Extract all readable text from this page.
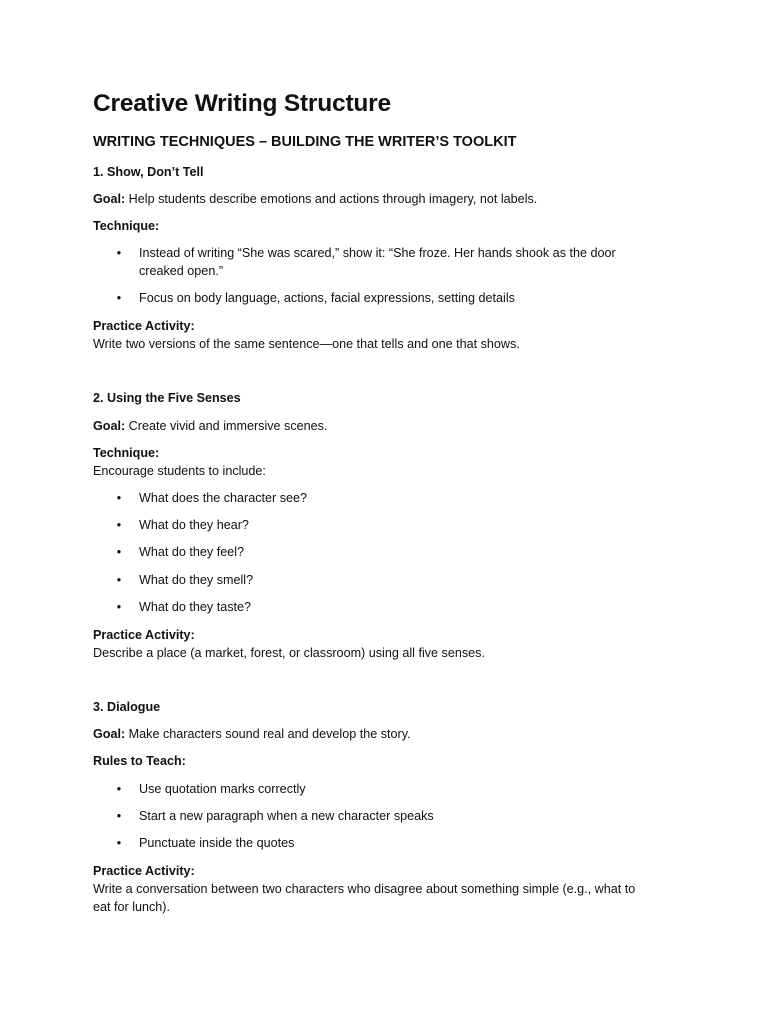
Creative Writing Structure
WRITING TECHNIQUES – BUILDING THE WRITER’S TOOLKIT
1. Show, Don’t Tell
Goal: Help students describe emotions and actions through imagery, not labels.
Technique:
• Instead of writing “She was scared,” show it: “She froze. Her hands shook as the door creaked open.”
• Focus on body language, actions, facial expressions, setting details
Practice Activity:
Write two versions of the same sentence—one that tells and one that shows.
2. Using the Five Senses
Goal: Create vivid and immersive scenes.
Technique:
Encourage students to include:
• What does the character see?
• What do they hear?
• What do they feel?
• What do they smell?
• What do they taste?
Practice Activity:
Describe a place (a market, forest, or classroom) using all five senses.
3. Dialogue
Goal: Make characters sound real and develop the story.
Rules to Teach:
• Use quotation marks correctly
• Start a new paragraph when a new character speaks
• Punctuate inside the quotes
Practice Activity:
Write a conversation between two characters who disagree about something simple (e.g., what to
eat for lunch).
